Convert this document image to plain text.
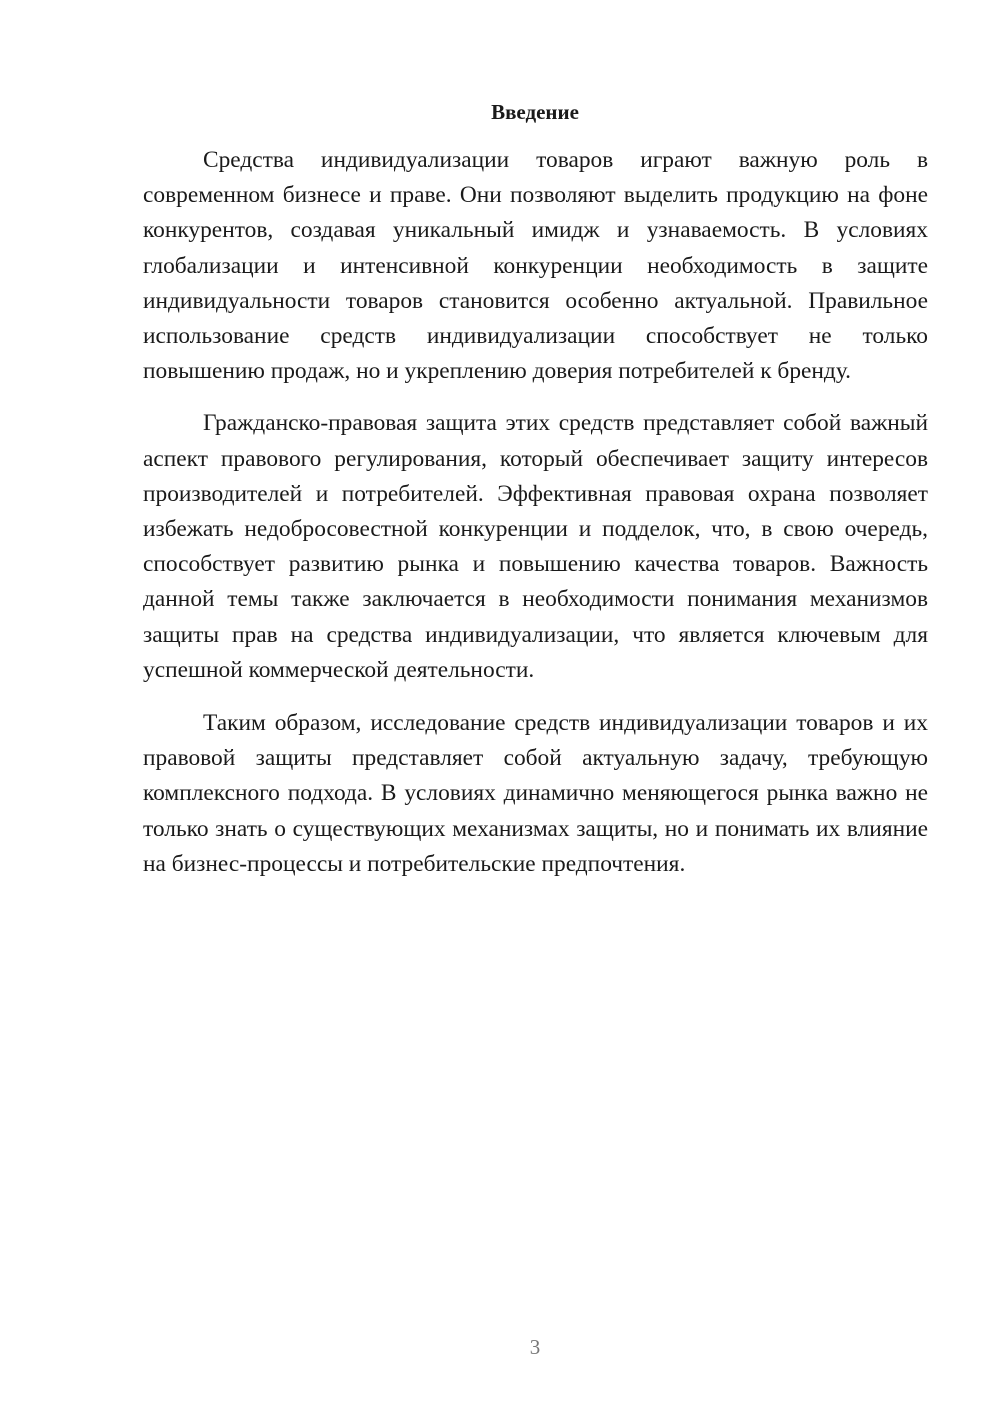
Введение

Средства индивидуализации товаров играют важную роль в современном бизнесе и праве. Они позволяют выделить продукцию на фоне конкурентов, создавая уникальный имидж и узнаваемость. В условиях глобализации и интенсивной конкуренции необходимость в защите индивидуальности товаров становится особенно актуальной. Правильное использование средств индивидуализации способствует не только повышению продаж, но и укреплению доверия потребителей к бренду.

Гражданско-правовая защита этих средств представляет собой важный аспект правового регулирования, который обеспечивает защиту интересов производителей и потребителей. Эффективная правовая охрана позволяет избежать недобросовестной конкуренции и подделок, что, в свою очередь, способствует развитию рынка и повышению качества товаров. Важность данной темы также заключается в необходимости понимания механизмов защиты прав на средства индивидуализации, что является ключевым для успешной коммерческой деятельности.

Таким образом, исследование средств индивидуализации товаров и их правовой защиты представляет собой актуальную задачу, требующую комплексного подхода. В условиях динамично меняющегося рынка важно не только знать о существующих механизмах защиты, но и понимать их влияние на бизнес-процессы и потребительские предпочтения.

3
